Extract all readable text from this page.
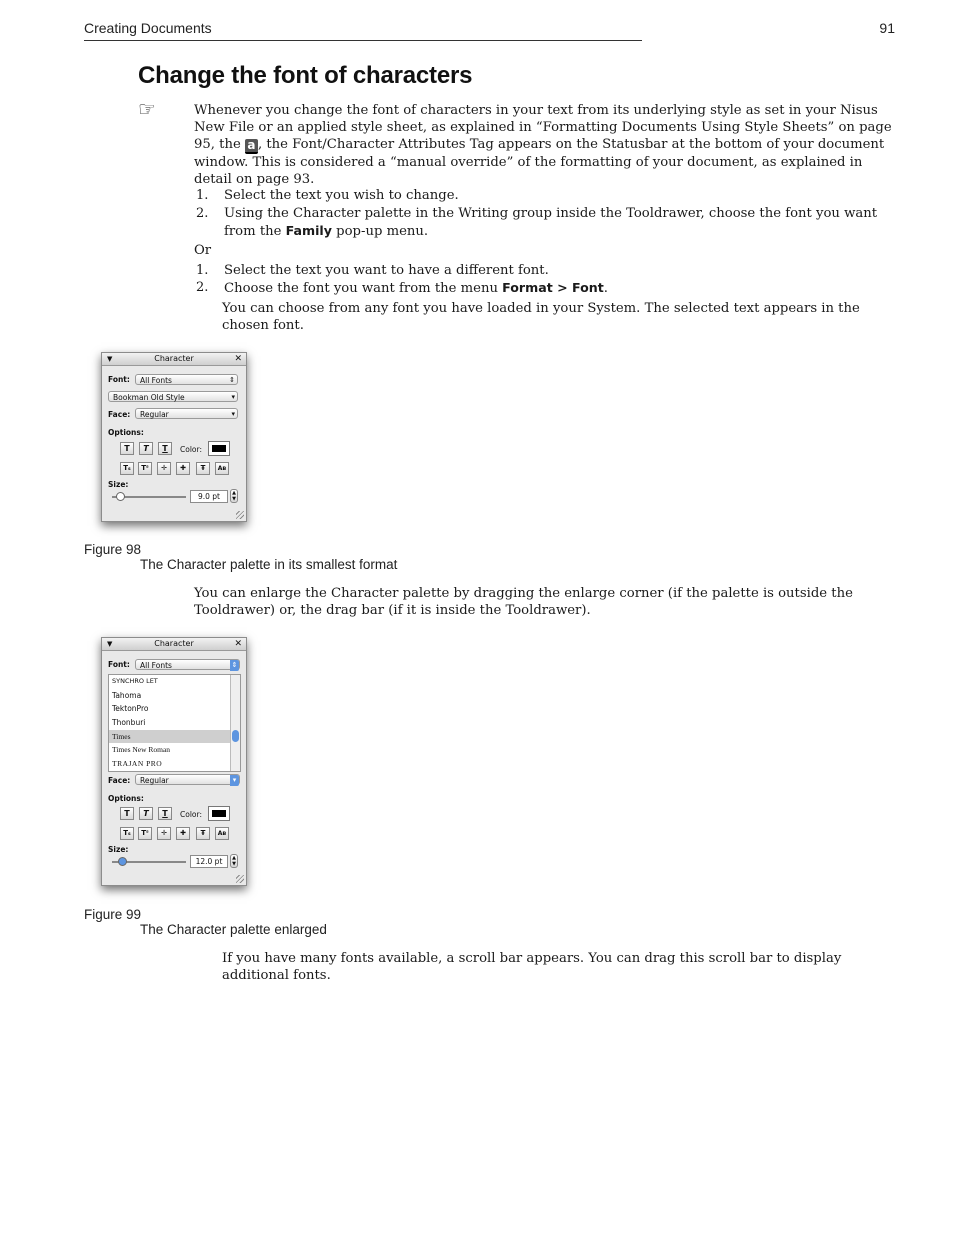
Creating Documents	91
Change the font of characters
☞	Whenever you change the font of characters in your text from its underlying style as set in your Nisus New File or an applied style sheet, as explained in “Formatting Documents Using Style Sheets” on page 95, the a , the Font/Character Attributes Tag appears on the Statusbar at the bottom of your document window. This is considered a “manual override” of the formatting of your document, as explained in detail on page 93.
1. Select the text you wish to change.
2. Using the Character palette in the Writing group inside the Tooldrawer, choose the font you want from the Family pop-up menu.
Or
1. Select the text you want to have a different font.
2. Choose the font you want from the menu Format > Font.
You can choose from any font you have loaded in your System. The selected text appears in the chosen font.
▼	Character	✕
Font:	All Fonts	⇕
Bookman Old Style	▾
Face:	Regular	▾
Options:
T	T	T	Color:
Tₛ	Tˢ	✛	✚	Ŧ	Aʙ
Size:
9.0 pt	▲
▼
Figure 98
The Character palette in its smallest format
You can enlarge the Character palette by dragging the enlarge corner (if the palette is outside the Tooldrawer) or, the drag bar (if it is inside the Tooldrawer).
▼	Character	✕
Font:	All Fonts	⇕
SYNCHRO LET
Tahoma
TektonPro
Thonburi
Times
Times New Roman
TRAJAN PRO
Face:	Regular	▾
Options:
T	T	T	Color:
Tₛ	Tˢ	✛	✚	Ŧ	Aʙ
Size:
12.0 pt	▲
▼
Figure 99
The Character palette enlarged
If you have many fonts available, a scroll bar appears. You can drag this scroll bar to display additional fonts.
